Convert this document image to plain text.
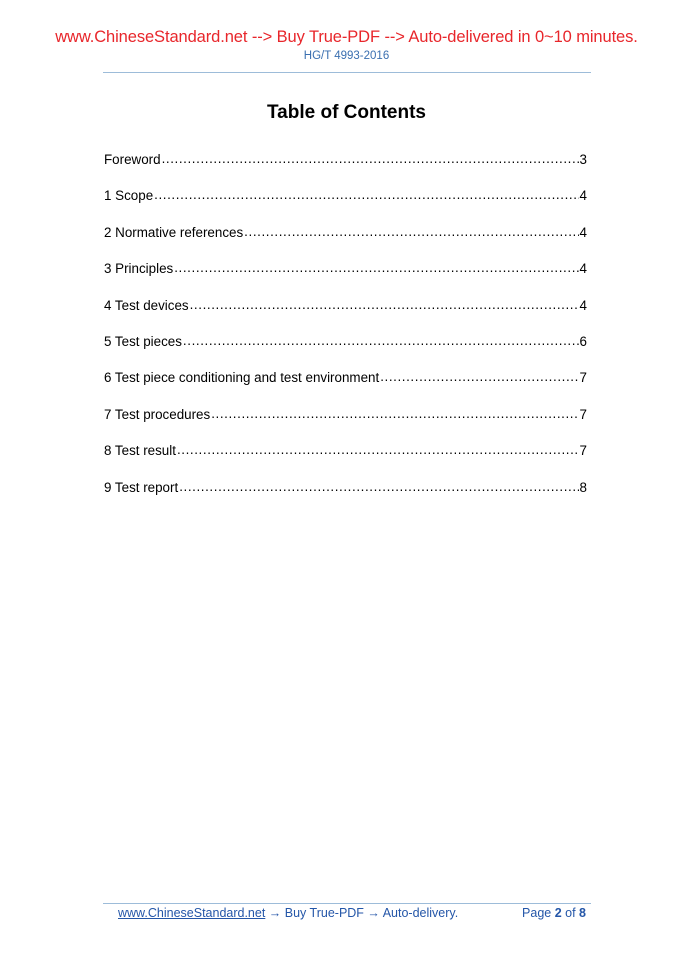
www.ChineseStandard.net --> Buy True-PDF --> Auto-delivered in 0~10 minutes.
HG/T 4993-2016
Table of Contents
Foreword .....	3
1 Scope .....	4
2 Normative references .....	4
3 Principles .....	4
4 Test devices .....	4
5 Test pieces .....	6
6 Test piece conditioning and test environment .....	7
7 Test procedures .....	7
8 Test result .....	7
9 Test report .....	8
www.ChineseStandard.net → Buy True-PDF → Auto-delivery.	Page 2 of 8
